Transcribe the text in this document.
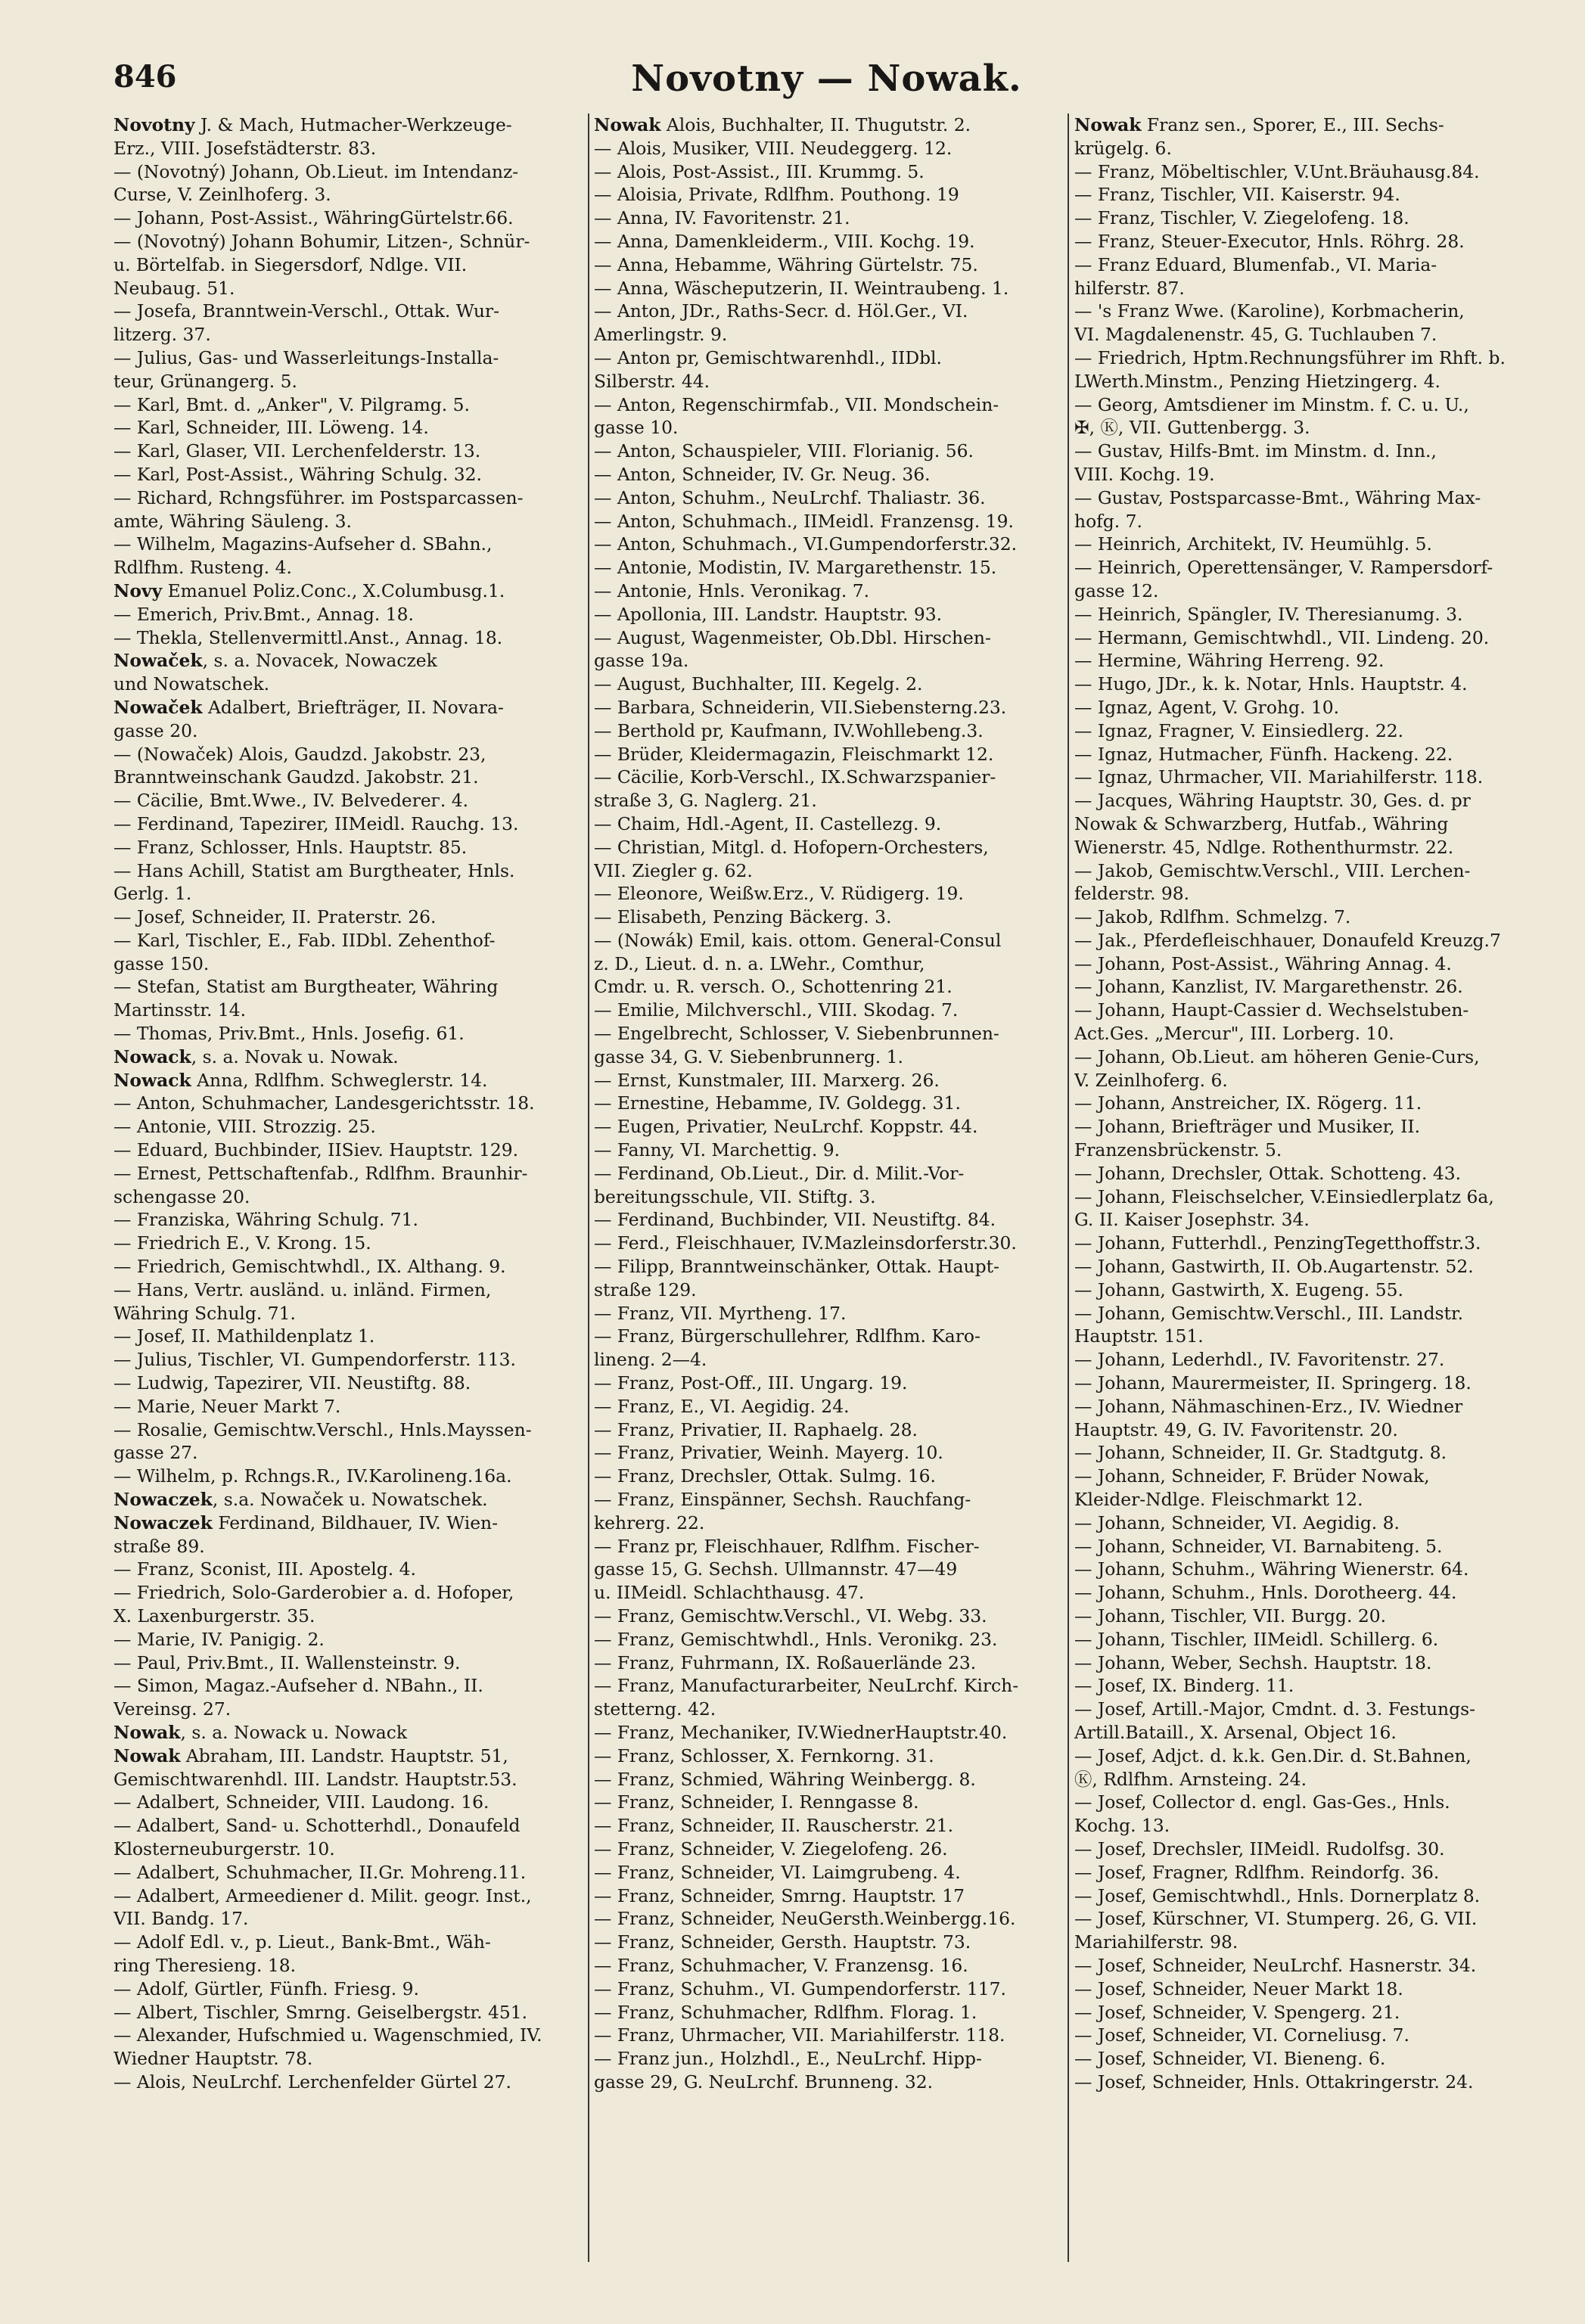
846	Novotny — Nowak.

Novotny J. & Mach, Hutmacher-Werkzeuge-

Erz., VIII. Josefstädterstr. 83.

— (Novotný) Johann, Ob.Lieut. im Intendanz-

Curse, V. Zeinlhoferg. 3.

— Johann, Post-Assist., WähringGürtelstr.66.

— (Novotný) Johann Bohumir, Litzen-, Schnür-

u. Börtelfab. in Siegersdorf, Ndlge. VII.

Neubaug. 51.

— Josefa, Branntwein-Verschl., Ottak. Wur-

litzerg. 37.

— Julius, Gas- und Wasserleitungs-Installa-

teur, Grünangerg. 5.

— Karl, Bmt. d. „Anker", V. Pilgramg. 5.

— Karl, Schneider, III. Löweng. 14.

— Karl, Glaser, VII. Lerchenfelderstr. 13.

— Karl, Post-Assist., Währing Schulg. 32.

— Richard, Rchngsführer. im Postsparcassen-

amte, Währing Säuleng. 3.

— Wilhelm, Magazins-Aufseher d. SBahn.,

Rdlfhm. Rusteng. 4.

Novy Emanuel Poliz.Conc., X.Columbusg.1.

— Emerich, Priv.Bmt., Annag. 18.

— Thekla, Stellenvermittl.Anst., Annag. 18.

Nowaček, s. a. Novacek, Nowaczek

und Nowatschek.

Nowaček Adalbert, Briefträger, II. Novara-

gasse 20.

— (Nowaček) Alois, Gaudzd. Jakobstr. 23,

Branntweinschank Gaudzd. Jakobstr. 21.

— Cäcilie, Bmt.Wwe., IV. Belvederег. 4.

— Ferdinand, Tapezirer, IIMeidl. Rauchg. 13.

— Franz, Schlosser, Hnls. Hauptstr. 85.

— Hans Achill, Statist am Burgtheater, Hnls.

Gerlg. 1.

— Josef, Schneider, II. Praterstr. 26.

— Karl, Tischler, E., Fab. IIDbl. Zehenthof-

gasse 150.

— Stefan, Statist am Burgtheater, Währing

Martinsstr. 14.

— Thomas, Priv.Bmt., Hnls. Josefig. 61.

Nowack, s. a. Novak u. Nowak.

Nowack Anna, Rdlfhm. Schweglerstr. 14.

— Anton, Schuhmacher, Landesgerichtsstr. 18.

— Antonie, VIII. Strozzig. 25.

— Eduard, Buchbinder, IISiev. Hauptstr. 129.

— Ernest, Pettschaftenfab., Rdlfhm. Braunhir-

schengasse 20.

— Franziska, Währing Schulg. 71.

— Friedrich E., V. Krong. 15.

— Friedrich, Gemischtwhdl., IX. Althang. 9.

— Hans, Vertr. ausländ. u. inländ. Firmen,

Währing Schulg. 71.

— Josef, II. Mathildenplatz 1.

— Julius, Tischler, VI. Gumpendorferstr. 113.

— Ludwig, Tapezirer, VII. Neustiftg. 88.

— Marie, Neuer Markt 7.

— Rosalie, Gemischtw.Verschl., Hnls.Mayssen-

gasse 27.

— Wilhelm, p. Rchngs.R., IV.Karolineng.16a.

Nowaczek, s.a. Nowaček u. Nowatschek.

Nowaczek Ferdinand, Bildhauer, IV. Wien-

straße 89.

— Franz, Sconist, III. Apostelg. 4.

— Friedrich, Solo-Garderobier a. d. Hofoper,

X. Laxenburgerstr. 35.

— Marie, IV. Panigig. 2.

— Paul, Priv.Bmt., II. Wallensteinstr. 9.

— Simon, Magaz.-Aufseher d. NBahn., II.

Vereinsg. 27.

Nowak, s. a. Nowack u. Nowack

Nowak Abraham, III. Landstr. Hauptstr. 51,

Gemischtwarenhdl. III. Landstr. Hauptstr.53.

— Adalbert, Schneider, VIII. Laudong. 16.

— Adalbert, Sand- u. Schotterhdl., Donaufeld

Klosterneuburgerstr. 10.

— Adalbert, Schuhmacher, II.Gr. Mohreng.11.

— Adalbert, Armeediener d. Milit. geogr. Inst.,

VII. Bandg. 17.

— Adolf Edl. v., p. Lieut., Bank-Bmt., Wäh-

ring Theresieng. 18.

— Adolf, Gürtler, Fünfh. Friesg. 9.

— Albert, Tischler, Smrng. Geiselbergstr. 451.

— Alexander, Hufschmied u. Wagenschmied, IV.

Wiedner Hauptstr. 78.

— Alois, NeuLrchf. Lerchenfelder Gürtel 27.

Nowak Alois, Buchhalter, II. Thugutstr. 2.

— Alois, Musiker, VIII. Neudeggerg. 12.

— Alois, Post-Assist., III. Krummg. 5.

— Aloisia, Private, Rdlfhm. Pouthong. 19

— Anna, IV. Favoritenstr. 21.

— Anna, Damenkleiderm., VIII. Kochg. 19.

— Anna, Hebamme, Währing Gürtelstr. 75.

— Anna, Wäscheputzerin, II. Weintraubeng. 1.

— Anton, JDr., Raths-Secr. d. Höl.Ger., VI.

Amerlingstr. 9.

— Anton pr, Gemischtwarenhdl., IIDbl.

Silberstr. 44.

— Anton, Regenschirmfab., VII. Mondschein-

gasse 10.

— Anton, Schauspieler, VIII. Florianig. 56.

— Anton, Schneider, IV. Gr. Neug. 36.

— Anton, Schuhm., NeuLrchf. Thaliastr. 36.

— Anton, Schuhmach., IIMeidl. Franzensg. 19.

— Anton, Schuhmach., VI.Gumpendorferstr.32.

— Antonie, Modistin, IV. Margarethenstr. 15.

— Antonie, Hnls. Veronikag. 7.

— Apollonia, III. Landstr. Hauptstr. 93.

— August, Wagenmeister, Ob.Dbl. Hirschen-

gasse 19a.

— August, Buchhalter, III. Kegelg. 2.

— Barbara, Schneiderin, VII.Siebensterng.23.

— Berthold pr, Kaufmann, IV.Wohllebeng.3.

— Brüder, Kleidermagazin, Fleischmarkt 12.

— Cäcilie, Korb-Verschl., IX.Schwarzspanier-

straße 3, G. Naglerg. 21.

— Chaim, Hdl.-Agent, II. Castellezg. 9.

— Christian, Mitgl. d. Hofopern-Orchesters,

VII. Ziegler g. 62.

— Eleonore, Weißw.Erz., V. Rüdigerg. 19.

— Elisabeth, Penzing Bäckerg. 3.

— (Nowák) Emil, kais. ottom. General-Consul

z. D., Lieut. d. n. a. LWehr., Comthur,

Cmdr. u. R. versch. O., Schottenring 21.

— Emilie, Milchverschl., VIII. Skodag. 7.

— Engelbrecht, Schlosser, V. Siebenbrunnen-

gasse 34, G. V. Siebenbrunnerg. 1.

— Ernst, Kunstmaler, III. Marxerg. 26.

— Ernestine, Hebamme, IV. Goldegg. 31.

— Eugen, Privatier, NeuLrchf. Koppstr. 44.

— Fanny, VI. Marchettig. 9.

— Ferdinand, Ob.Lieut., Dir. d. Milit.-Vor-

bereitungsschule, VII. Stiftg. 3.

— Ferdinand, Buchbinder, VII. Neustiftg. 84.

— Ferd., Fleischhauer, IV.Mazleinsdorferstr.30.

— Filipp, Branntweinschänker, Ottak. Haupt-

straße 129.

— Franz, VII. Myrtheng. 17.

— Franz, Bürgerschullehrer, Rdlfhm. Karo-

lineng. 2—4.

— Franz, Post-Off., III. Ungarg. 19.

— Franz, E., VI. Aegidig. 24.

— Franz, Privatier, II. Raphaelg. 28.

— Franz, Privatier, Weinh. Mayerg. 10.

— Franz, Drechsler, Ottak. Sulmg. 16.

— Franz, Einspänner, Sechsh. Rauchfang-

kehrerg. 22.

— Franz pr, Fleischhauer, Rdlfhm. Fischer-

gasse 15, G. Sechsh. Ullmannstr. 47—49

u. IIMeidl. Schlachthausg. 47.

— Franz, Gemischtw.Verschl., VI. Webg. 33.

— Franz, Gemischtwhdl., Hnls. Veronikg. 23.

— Franz, Fuhrmann, IX. Roßauerlände 23.

— Franz, Manufacturarbeiter, NeuLrchf. Kirch-

stetterng. 42.

— Franz, Mechaniker, IV.WiednerHauptstr.40.

— Franz, Schlosser, X. Fernkorng. 31.

— Franz, Schmied, Währing Weinbergg. 8.

— Franz, Schneider, I. Renngasse 8.

— Franz, Schneider, II. Rauscherstr. 21.

— Franz, Schneider, V. Ziegelofeng. 26.

— Franz, Schneider, VI. Laimgrubeng. 4.

— Franz, Schneider, Smrng. Hauptstr. 17

— Franz, Schneider, NeuGersth.Weinbergg.16.

— Franz, Schneider, Gersth. Hauptstr. 73.

— Franz, Schuhmacher, V. Franzensg. 16.

— Franz, Schuhm., VI. Gumpendorferstr. 117.

— Franz, Schuhmacher, Rdlfhm. Florag. 1.

— Franz, Uhrmacher, VII. Mariahilferstr. 118.

— Franz jun., Holzhdl., E., NeuLrchf. Hipp-

gasse 29, G. NeuLrchf. Brunneng. 32.

Nowak Franz sen., Sporer, E., III. Sechs-

krügelg. 6.

— Franz, Möbeltischler, V.Unt.Bräuhausg.84.

— Franz, Tischler, VII. Kaiserstr. 94.

— Franz, Tischler, V. Ziegelofeng. 18.

— Franz, Steuer-Executor, Hnls. Röhrg. 28.

— Franz Eduard, Blumenfab., VI. Maria-

hilferstr. 87.

— 's Franz Wwe. (Karoline), Korbmacherin,

VI. Magdalenenstr. 45, G. Tuchlauben 7.

— Friedrich, Hptm.Rechnungsführer im Rhft. b.

LWerth.Minstm., Penzing Hietzingerg. 4.

— Georg, Amtsdiener im Minstm. f. C. u. U.,

✠, Ⓚ, VII. Guttenbergg. 3.

— Gustav, Hilfs-Bmt. im Minstm. d. Inn.,

VIII. Kochg. 19.

— Gustav, Postsparcasse-Bmt., Währing Max-

hofg. 7.

— Heinrich, Architekt, IV. Heumühlg. 5.

— Heinrich, Operettensänger, V. Rampersdorf-

gasse 12.

— Heinrich, Spängler, IV. Theresianumg. 3.

— Hermann, Gemischtwhdl., VII. Lindeng. 20.

— Hermine, Währing Herreng. 92.

— Hugo, JDr., k. k. Notar, Hnls. Hauptstr. 4.

— Ignaz, Agent, V. Grohg. 10.

— Ignaz, Fragner, V. Einsiedlerg. 22.

— Ignaz, Hutmacher, Fünfh. Hackeng. 22.

— Ignaz, Uhrmacher, VII. Mariahilferstr. 118.

— Jacques, Währing Hauptstr. 30, Ges. d. pr

Nowak & Schwarzberg, Hutfab., Währing

Wienerstr. 45, Ndlge. Rothenthurmstr. 22.

— Jakob, Gemischtw.Verschl., VIII. Lerchen-

felderstr. 98.

— Jakob, Rdlfhm. Schmelzg. 7.

— Jak., Pferdefleischhauer, Donaufeld Kreuzg.7

— Johann, Post-Assist., Währing Annag. 4.

— Johann, Kanzlist, IV. Margarethenstr. 26.

— Johann, Haupt-Cassier d. Wechselstuben-

Act.Ges. „Mercur", III. Lorberg. 10.

— Johann, Ob.Lieut. am höheren Genie-Curs,

V. Zeinlhoferg. 6.

— Johann, Anstreicher, IX. Rögerg. 11.

— Johann, Briefträger und Musiker, II.

Franzensbrückenstr. 5.

— Johann, Drechsler, Ottak. Schotteng. 43.

— Johann, Fleischselcher, V.Einsiedlerplatz 6a,

G. II. Kaiser Josephstr. 34.

— Johann, Futterhdl., PenzingTegetthoffstr.3.

— Johann, Gastwirth, II. Ob.Augartenstr. 52.

— Johann, Gastwirth, X. Eugeng. 55.

— Johann, Gemischtw.Verschl., III. Landstr.

Hauptstr. 151.

— Johann, Lederhdl., IV. Favoritenstr. 27.

— Johann, Maurermeister, II. Springerg. 18.

— Johann, Nähmaschinen-Erz., IV. Wiedner

Hauptstr. 49, G. IV. Favoritenstr. 20.

— Johann, Schneider, II. Gr. Stadtgutg. 8.

— Johann, Schneider, F. Brüder Nowak,

Kleider-Ndlge. Fleischmarkt 12.

— Johann, Schneider, VI. Aegidig. 8.

— Johann, Schneider, VI. Barnabiteng. 5.

— Johann, Schuhm., Währing Wienerstr. 64.

— Johann, Schuhm., Hnls. Dorotheerg. 44.

— Johann, Tischler, VII. Burgg. 20.

— Johann, Tischler, IIMeidl. Schillerg. 6.

— Johann, Weber, Sechsh. Hauptstr. 18.

— Josef, IX. Binderg. 11.

— Josef, Artill.-Major, Cmdnt. d. 3. Festungs-

Artill.Bataill., X. Arsenal, Object 16.

— Josef, Adjct. d. k.k. Gen.Dir. d. St.Bahnen,

Ⓚ, Rdlfhm. Arnsteing. 24.

— Josef, Collector d. engl. Gas-Ges., Hnls.

Kochg. 13.

— Josef, Drechsler, IIMeidl. Rudolfsg. 30.

— Josef, Fragner, Rdlfhm. Reindorfg. 36.

— Josef, Gemischtwhdl., Hnls. Dornerplatz 8.

— Josef, Kürschner, VI. Stumperg. 26, G. VII.

Mariahilferstr. 98.

— Josef, Schneider, NeuLrchf. Hasnerstr. 34.

— Josef, Schneider, Neuer Markt 18.

— Josef, Schneider, V. Spengerg. 21.

— Josef, Schneider, VI. Corneliusg. 7.

— Josef, Schneider, VI. Bieneng. 6.

— Josef, Schneider, Hnls. Ottakringerstr. 24.
